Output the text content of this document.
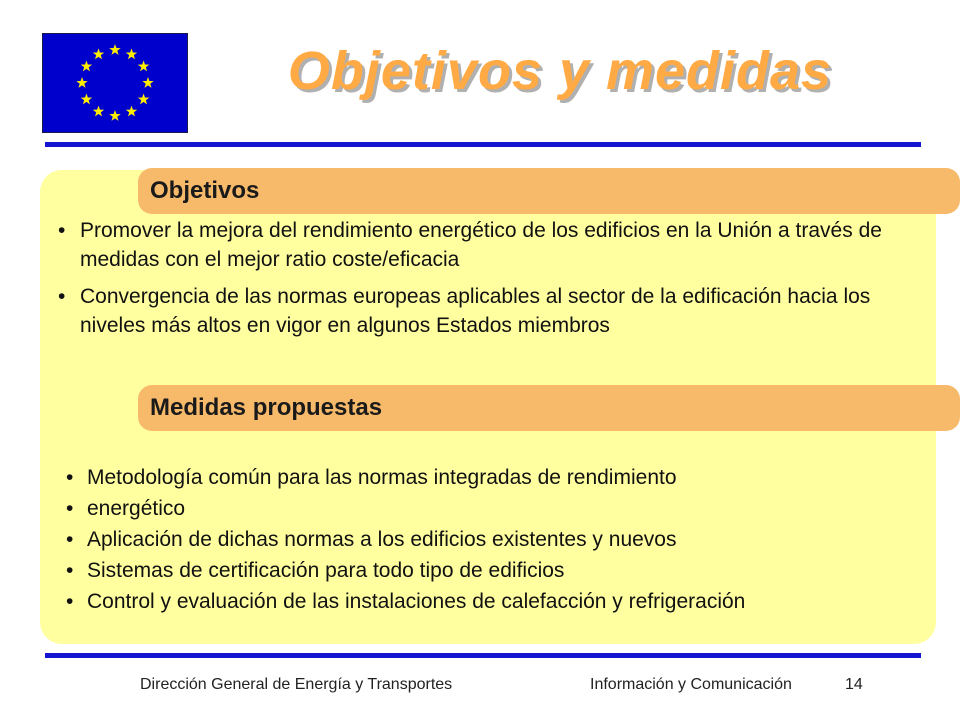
Objetivos y medidas
Objetivos
• Promover la mejora del rendimiento energético de los edificios en la Unión a través de medidas con el mejor ratio coste/eficacia
• Convergencia de las normas europeas aplicables al sector de la edificación hacia los niveles más altos en vigor en algunos Estados miembros
Medidas propuestas
• Metodología común para las normas integradas de rendimiento
• energético
• Aplicación de dichas normas a los edificios existentes y nuevos
• Sistemas de certificación para todo tipo de edificios
• Control y evaluación de las instalaciones de calefacción y refrigeración
Dirección General de Energía y Transportes	Información y Comunicación	14
